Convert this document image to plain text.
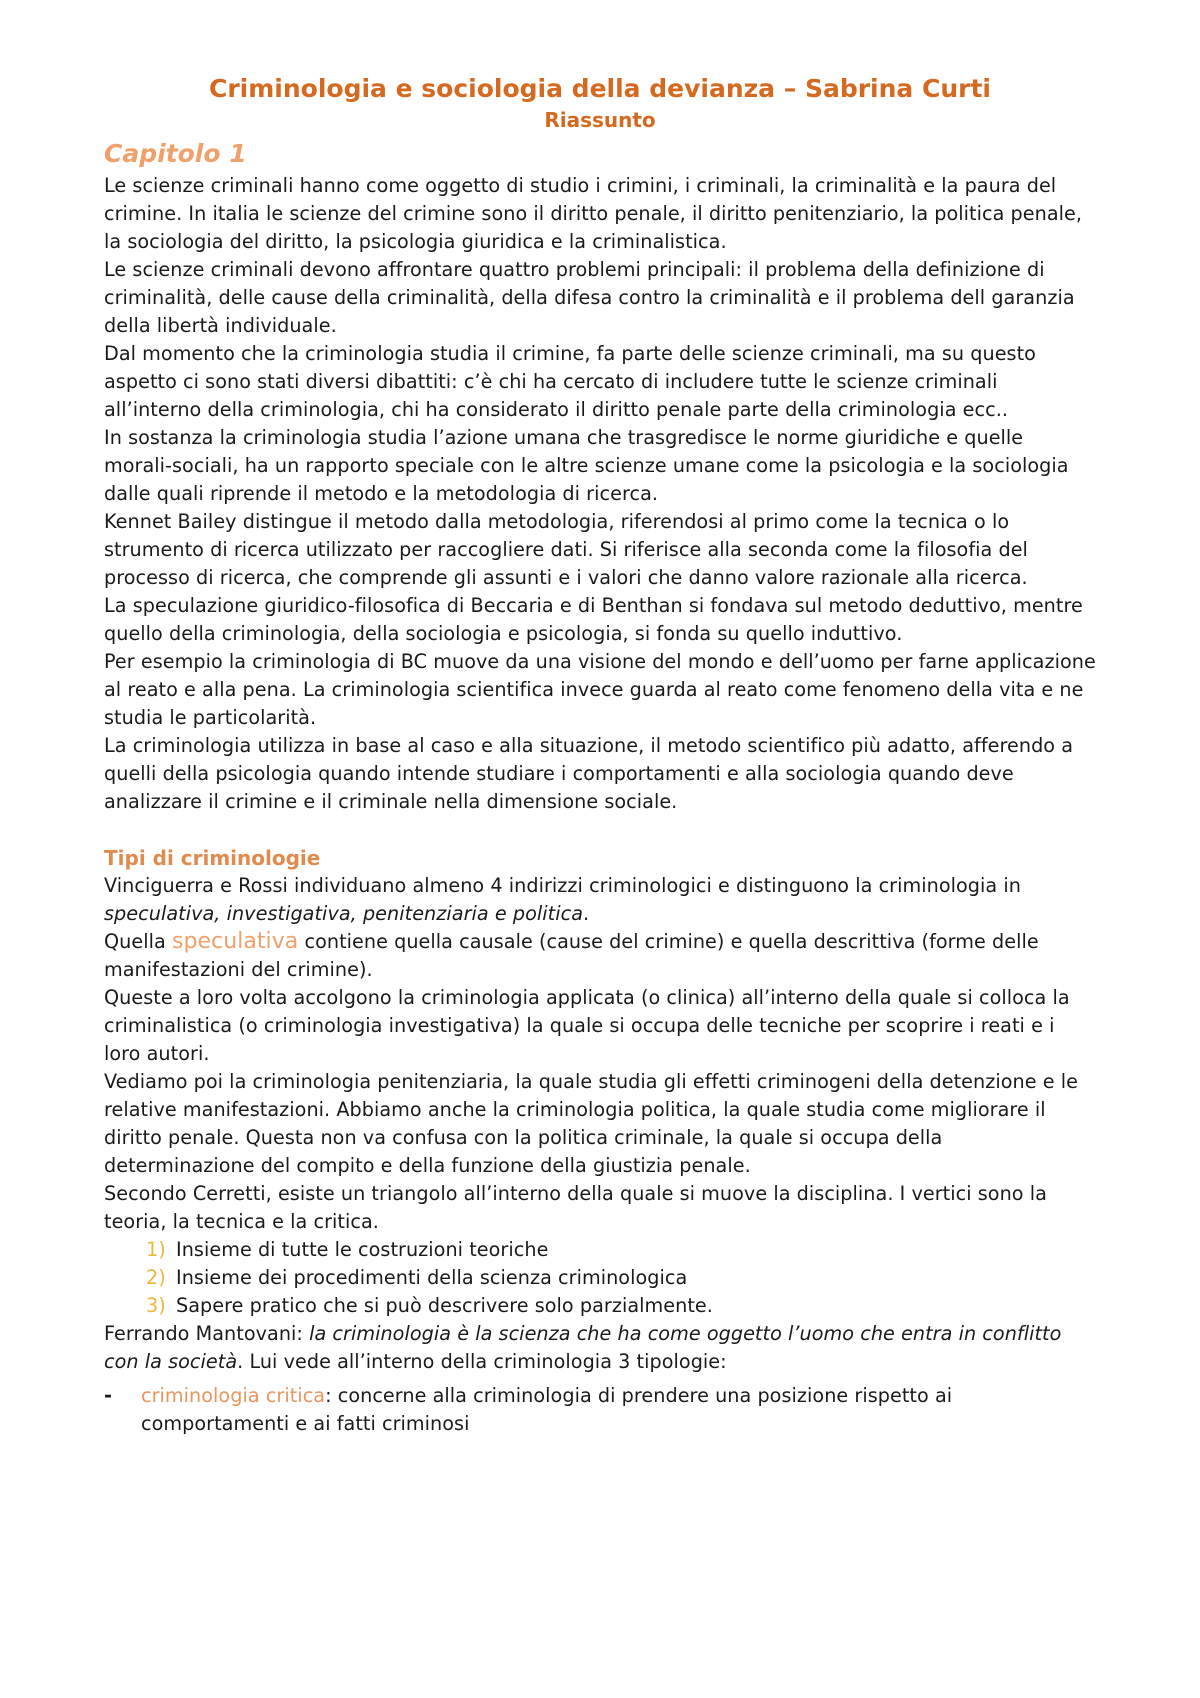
Criminologia e sociologia della devianza – Sabrina Curti
Riassunto
Capitolo 1

Le scienze criminali hanno come oggetto di studio i crimini, i criminali, la criminalità e la paura del crimine. In italia le scienze del crimine sono il diritto penale, il diritto penitenziario, la politica penale, la sociologia del diritto, la psicologia giuridica e la criminalistica.

Le scienze criminali devono affrontare quattro problemi principali: il problema della definizione di criminalità, delle cause della criminalità, della difesa contro la criminalità e il problema dell garanzia della libertà individuale.

Dal momento che la criminologia studia il crimine, fa parte delle scienze criminali, ma su questo aspetto ci sono stati diversi dibattiti: c’è chi ha cercato di includere tutte le scienze criminali all’interno della criminologia, chi ha considerato il diritto penale parte della criminologia ecc..

In sostanza la criminologia studia l’azione umana che trasgredisce le norme giuridiche e quelle morali-sociali, ha un rapporto speciale con le altre scienze umane come la psicologia e la sociologia dalle quali riprende il metodo e la metodologia di ricerca.

Kennet Bailey distingue il metodo dalla metodologia, riferendosi al primo come la tecnica o lo strumento di ricerca utilizzato per raccogliere dati. Si riferisce alla seconda come la filosofia del processo di ricerca, che comprende gli assunti e i valori che danno valore razionale alla ricerca.

La speculazione giuridico-filosofica di Beccaria e di Benthan si fondava sul metodo deduttivo, mentre quello della criminologia, della sociologia e psicologia, si fonda su quello induttivo.

Per esempio la criminologia di BC muove da una visione del mondo e dell’uomo per farne applicazione al reato e alla pena. La criminologia scientifica invece guarda al reato come fenomeno della vita e ne studia le particolarità.

La criminologia utilizza in base al caso e alla situazione, il metodo scientifico più adatto, afferendo a quelli della psicologia quando intende studiare i comportamenti e alla sociologia quando deve analizzare il crimine e il criminale nella dimensione sociale.

Tipi di criminologie

Vinciguerra e Rossi individuano almeno 4 indirizzi criminologici e distinguono la criminologia in speculativa, investigativa, penitenziaria e politica.

Quella speculativa contiene quella causale (cause del crimine) e quella descrittiva (forme delle manifestazioni del crimine).

Queste a loro volta accolgono la criminologia applicata (o clinica) all’interno della quale si colloca la criminalistica (o criminologia investigativa) la quale si occupa delle tecniche per scoprire i reati e i loro autori.

Vediamo poi la criminologia penitenziaria, la quale studia gli effetti criminogeni della detenzione e le relative manifestazioni. Abbiamo anche la criminologia politica, la quale studia come migliorare il diritto penale. Questa non va confusa con la politica criminale, la quale si occupa della determinazione del compito e della funzione della giustizia penale.

Secondo Cerretti, esiste un triangolo all’interno della quale si muove la disciplina. I vertici sono la teoria, la tecnica e la critica.

1) Insieme di tutte le costruzioni teoriche
2) Insieme dei procedimenti della scienza criminologica
3) Sapere pratico che si può descrivere solo parzialmente.

Ferrando Mantovani: la criminologia è la scienza che ha come oggetto l’uomo che entra in conflitto con la società. Lui vede all’interno della criminologia 3 tipologie:

- criminologia critica: concerne alla criminologia di prendere una posizione rispetto ai comportamenti e ai fatti criminosi
